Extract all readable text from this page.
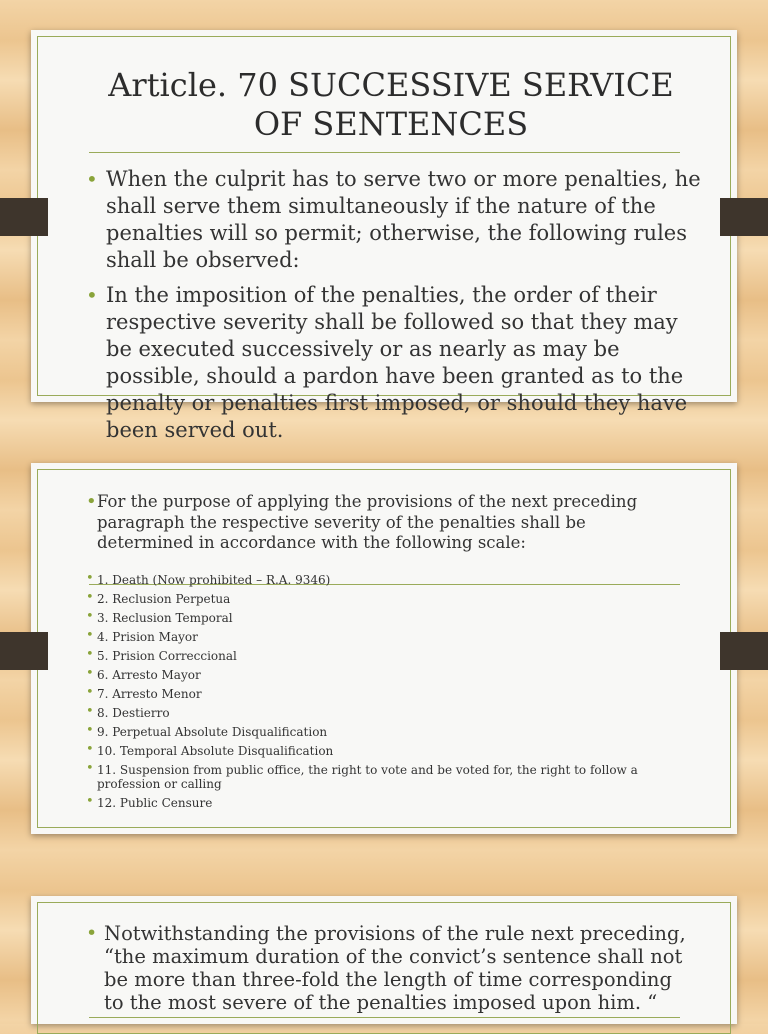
Article. 70 SUCCESSIVE SERVICE OF SENTENCES
• When the culprit has to serve two or more penalties, he shall serve them simultaneously if the nature of the penalties will so permit; otherwise, the following rules shall be observed:
• In the imposition of the penalties, the order of their respective severity shall be followed so that they may be executed successively or as nearly as may be possible, should a pardon have been granted as to the penalty or penalties first imposed, or should they have been served out.
• For the purpose of applying the provisions of the next preceding paragraph the respective severity of the penalties shall be determined in accordance with the following scale:
• 1. Death (Now prohibited – R.A. 9346)
• 2. Reclusion Perpetua
• 3. Reclusion Temporal
• 4. Prision Mayor
• 5. Prision Correccional
• 6. Arresto Mayor
• 7. Arresto Menor
• 8. Destierro
• 9. Perpetual Absolute Disqualification
• 10. Temporal Absolute Disqualification
• 11. Suspension from public office, the right to vote and be voted for, the right to follow a profession or calling
• 12. Public Censure
• Notwithstanding the provisions of the rule next preceding, “the maximum duration of the convict’s sentence shall not be more than three-fold the length of time corresponding to the most severe of the penalties imposed upon him. “
